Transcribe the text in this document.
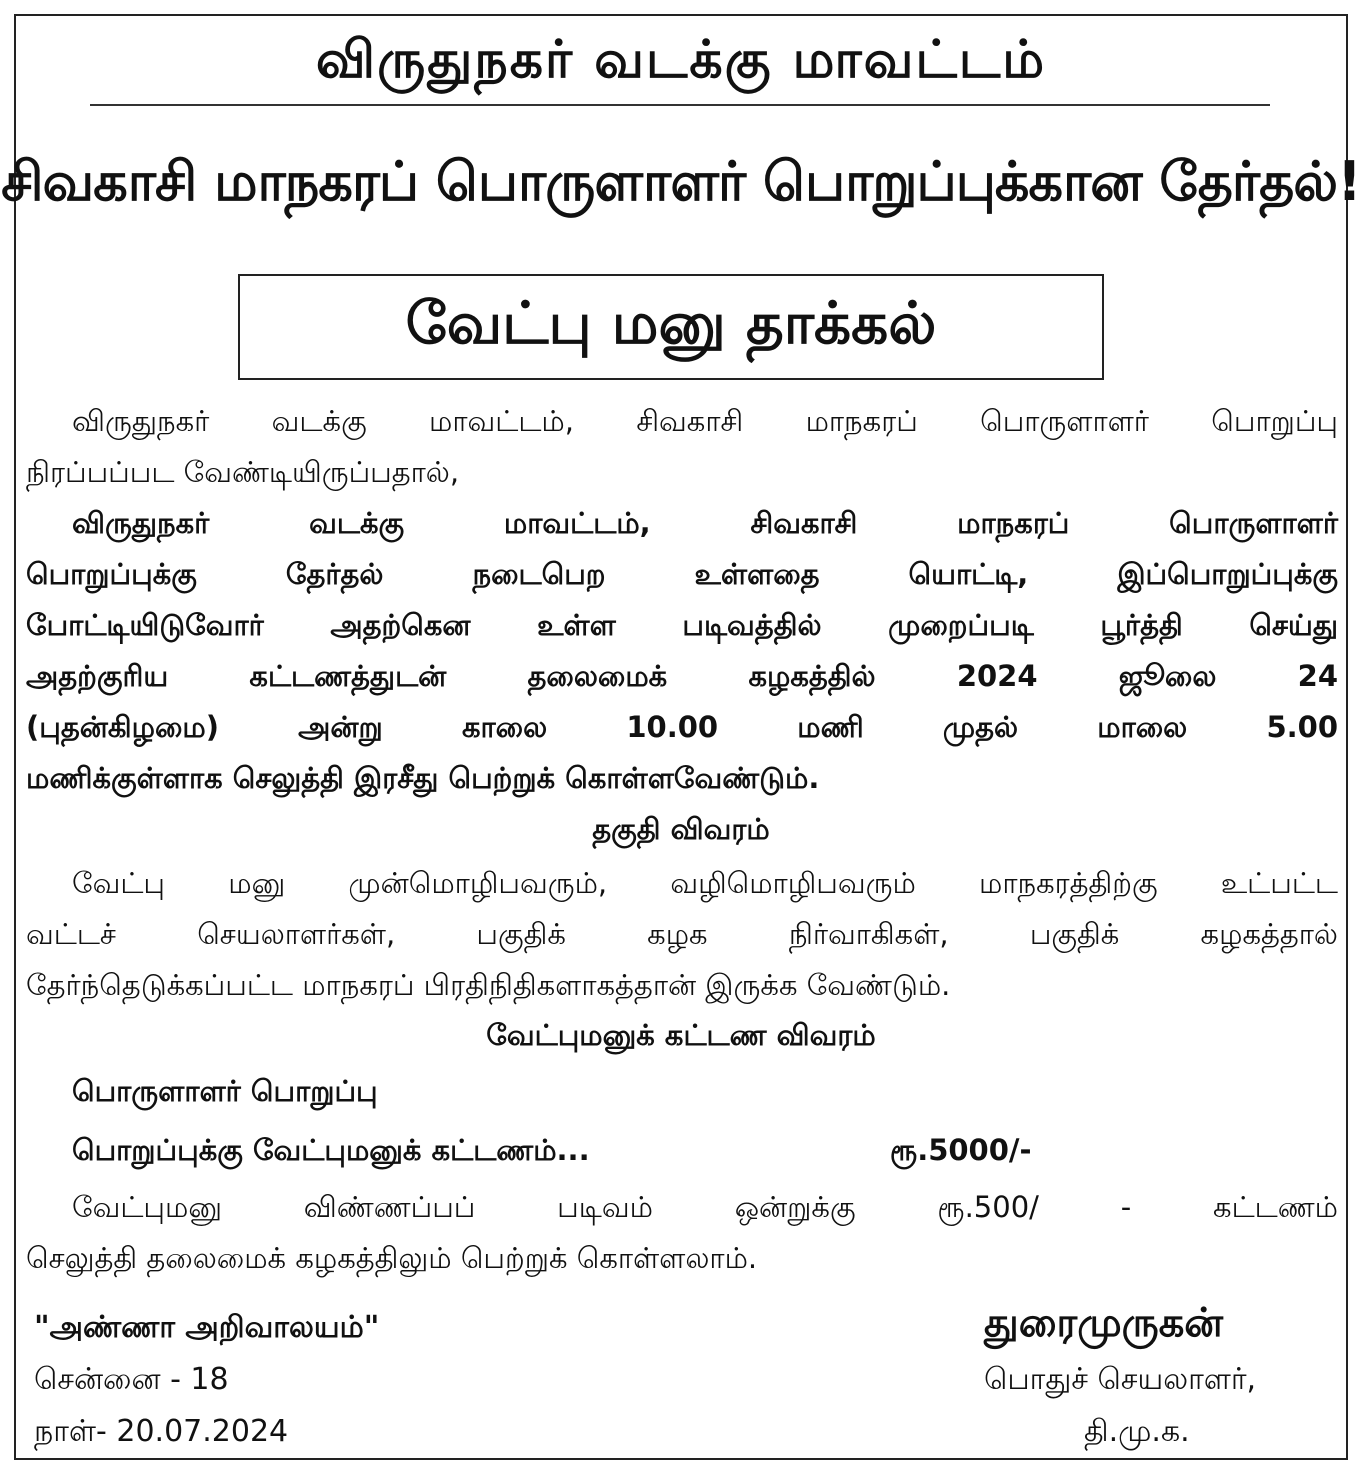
விருதுநகர் வடக்கு மாவட்டம்
சிவகாசி மாநகரப் பொருளாளர் பொறுப்புக்கான தேர்தல்!
வேட்பு மனு தாக்கல்
விருதுநகர் வடக்கு மாவட்டம், சிவகாசி மாநகரப் பொருளாளர் பொறுப்பு
நிரப்பப்பட வேண்டியிருப்பதால்,
விருதுநகர் வடக்கு மாவட்டம், சிவகாசி மாநகரப் பொருளாளர்
பொறுப்புக்கு தேர்தல் நடைபெற உள்ளதை யொட்டி, இப்பொறுப்புக்கு
போட்டியிடுவோர் அதற்கென உள்ள படிவத்தில் முறைப்படி பூர்த்தி செய்து
அதற்குரிய கட்டணத்துடன் தலைமைக் கழகத்தில் 2024 ஜூலை 24
(புதன்கிழமை) அன்று காலை 10.00 மணி முதல் மாலை 5.00
மணிக்குள்ளாக செலுத்தி இரசீது பெற்றுக் கொள்ளவேண்டும்.
தகுதி விவரம்
வேட்பு மனு முன்மொழிபவரும், வழிமொழிபவரும் மாநகரத்திற்கு உட்பட்ட
வட்டச் செயலாளர்கள், பகுதிக் கழக நிர்வாகிகள், பகுதிக் கழகத்தால்
தேர்ந்தெடுக்கப்பட்ட மாநகரப் பிரதிநிதிகளாகத்தான் இருக்க வேண்டும்.
வேட்புமனுக் கட்டண விவரம்
பொருளாளர் பொறுப்பு
பொறுப்புக்கு வேட்புமனுக் கட்டணம்...	ரூ.5000/-
வேட்புமனு விண்ணப்பப் படிவம் ஒன்றுக்கு ரூ.500/ - கட்டணம்
செலுத்தி தலைமைக் கழகத்திலும் பெற்றுக் கொள்ளலாம்.
"அண்ணா அறிவாலயம்"
சென்னை - 18
நாள்- 20.07.2024
துரைமுருகன்
பொதுச் செயலாளர்,
தி.மு.க.
